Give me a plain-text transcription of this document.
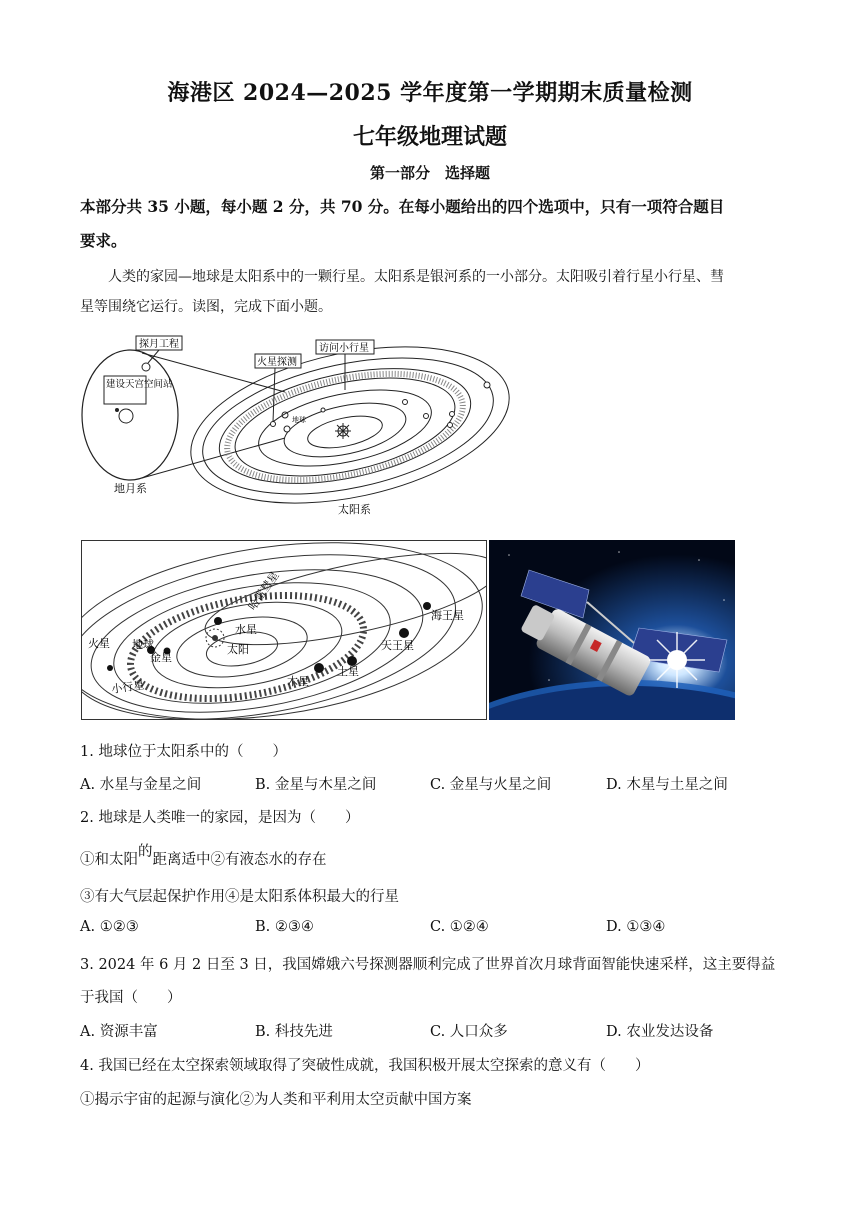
海港区 2024—2025 学年度第一学期期末质量检测
七年级地理试题
第一部分　选择题
本部分共 35 小题，每小题 2 分，共 70 分。在每小题给出的四个选项中，只有一项符合题目
要求。
人类的家园—地球是太阳系中的一颗行星。太阳系是银河系的一小部分。太阳吸引着行星小行星、彗
星等围绕它运行。读图，完成下面小题。
探月工程
建设天宫空间站
火星探测
访问小行星
地球
地月系
太阳系
哈雷彗星
海王星
火星 地球
水星
金星
太阳	天王星
土星
木星
小行星
1. 地球位于太阳系中的（　　）
A. 水星与金星之间	B. 金星与木星之间	C. 金星与火星之间	D. 木星与土星之间
2. 地球是人类唯一的家园，是因为（　　）
①和太阳的距离适中②有液态水的存在
③有大气层起保护作用④是太阳系体积最大的行星
A. ①②③	B. ②③④	C. ①②④	D. ①③④
3. 2024 年 6 月 2 日至 3 日，我国嫦娥六号探测器顺利完成了世界首次月球背面智能快速采样，这主要得益
于我国（　　）
A. 资源丰富	B. 科技先进	C. 人口众多	D. 农业发达设备
4. 我国已经在太空探索领域取得了突破性成就，我国积极开展太空探索的意义有（　　）
①揭示宇宙的起源与演化②为人类和平利用太空贡献中国方案
